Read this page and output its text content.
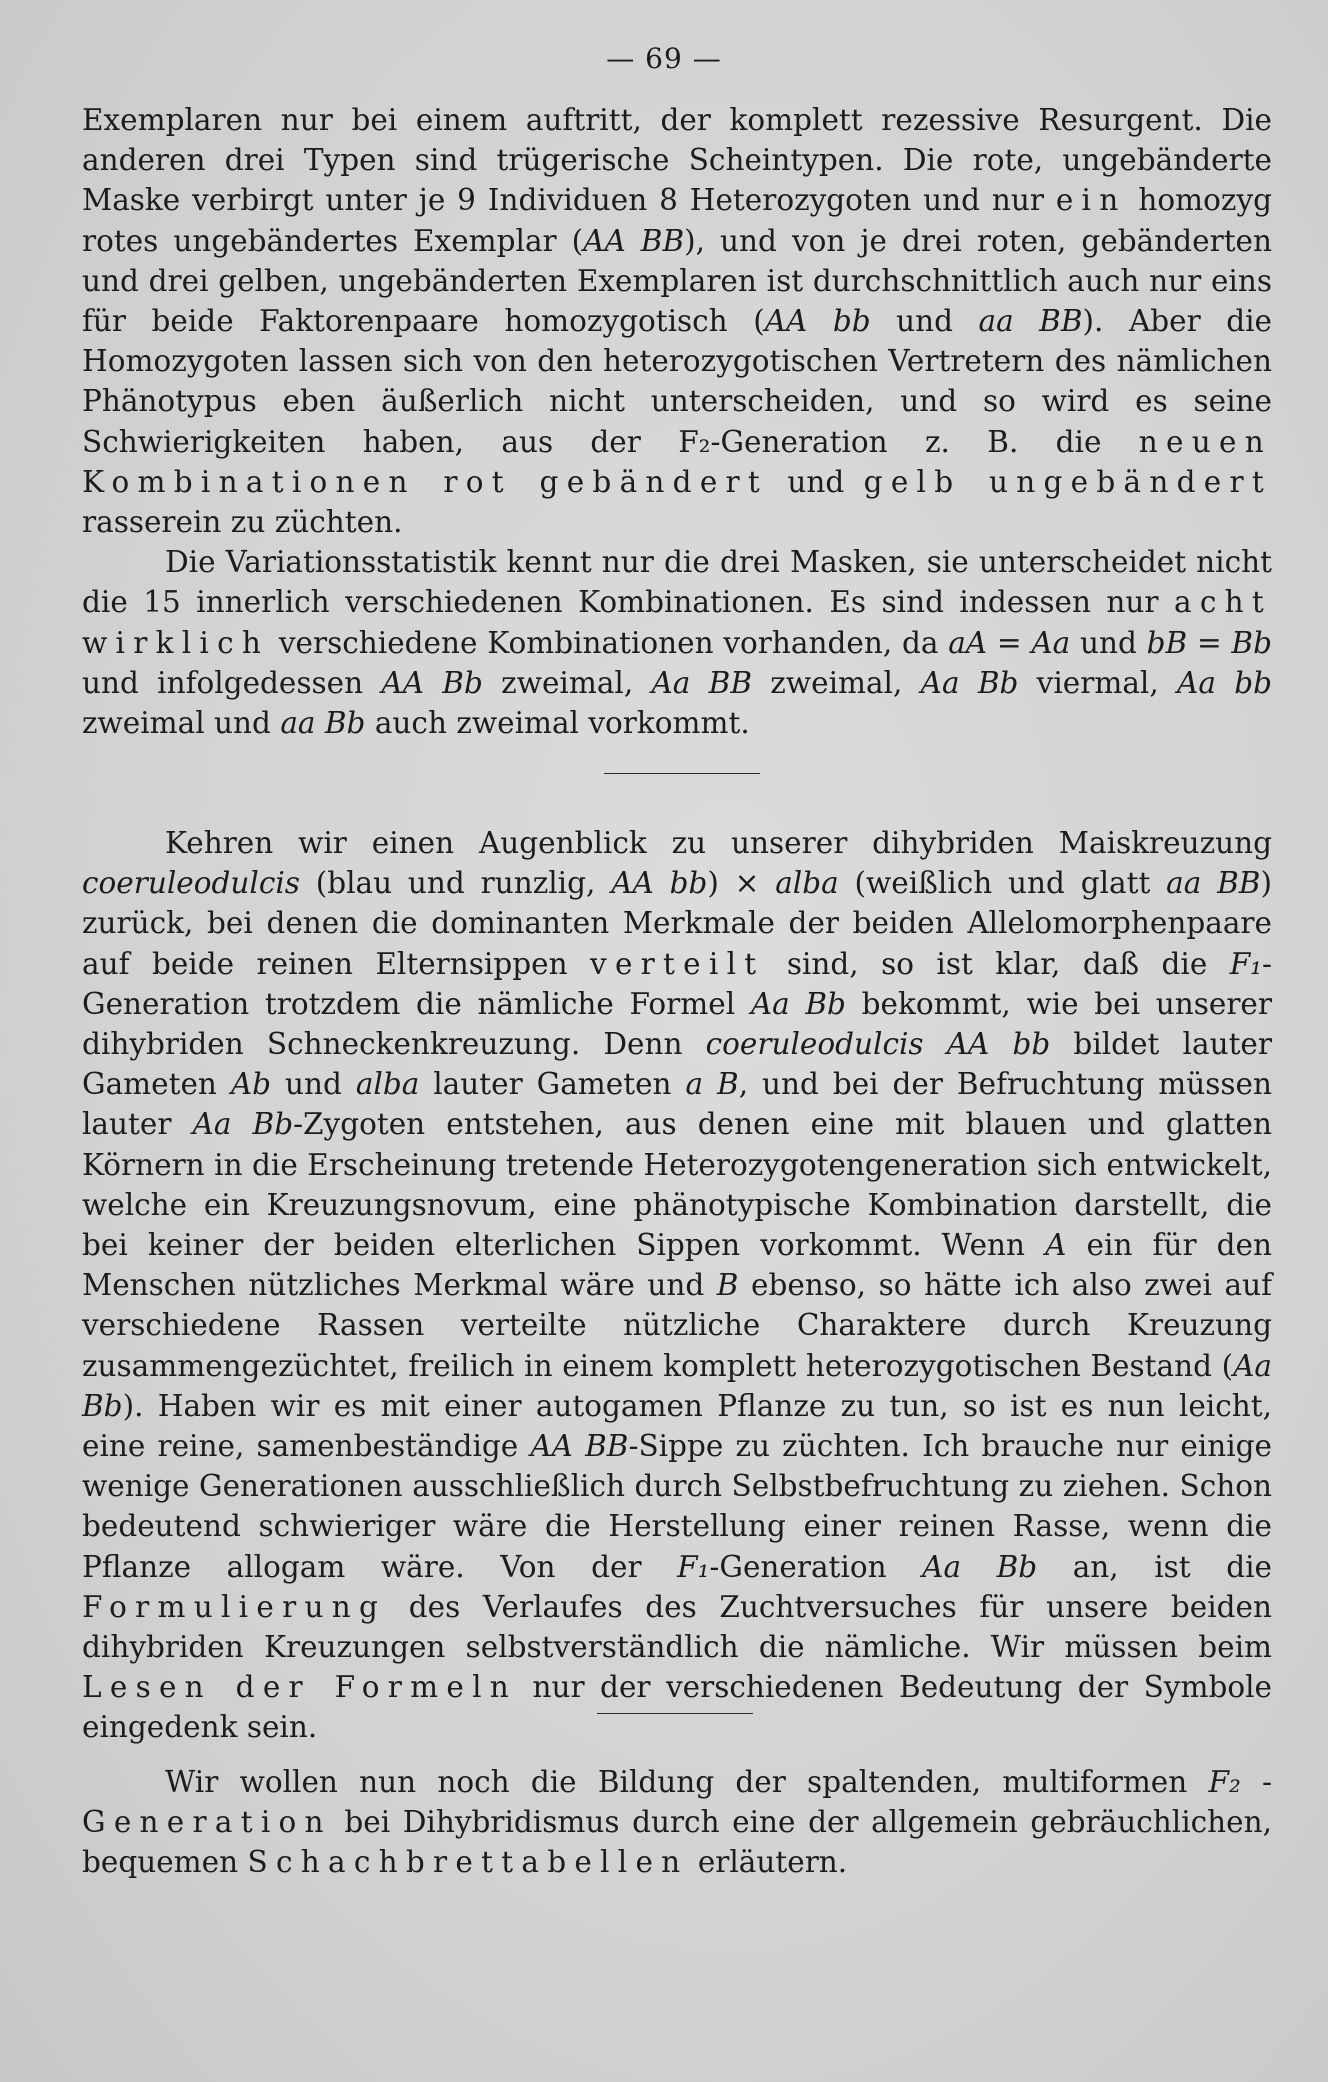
— 69 —

Exemplaren nur bei einem auftritt, der komplett rezessive Resurgent. Die anderen drei Typen sind trügerische Scheintypen. Die rote, ungebänderte Maske verbirgt unter je 9 Individuen 8 Heterozygoten und nur ein homozyg rotes ungebändertes Exemplar (AA BB), und von je drei roten, gebänderten und drei gelben, ungebänderten Exemplaren ist durchschnittlich auch nur eins für beide Faktorenpaare homozygotisch (AA bb und aa BB). Aber die Homozygoten lassen sich von den heterozygotischen Vertretern des nämlichen Phänotypus eben äußerlich nicht unterscheiden, und so wird es seine Schwierigkeiten haben, aus der F₂-Generation z. B. die neuen Kombinationen rot gebändert und gelb ungebändert rasserein zu züchten.

Die Variationsstatistik kennt nur die drei Masken, sie unterscheidet nicht die 15 innerlich verschiedenen Kombinationen. Es sind indessen nur acht wirklich verschiedene Kombinationen vorhanden, da aA = Aa und bB = Bb und infolgedessen AA Bb zweimal, Aa BB zweimal, Aa Bb viermal, Aa bb zweimal und aa Bb auch zweimal vorkommt.

Kehren wir einen Augenblick zu unserer dihybriden Maiskreuzung coeruleodulcis (blau und runzlig, AA bb) × alba (weißlich und glatt aa BB) zurück, bei denen die dominanten Merkmale der beiden Allelomorphenpaare auf beide reinen Elternsippen verteilt sind, so ist klar, daß die F₁-Generation trotzdem die nämliche Formel Aa Bb bekommt, wie bei unserer dihybriden Schneckenkreuzung. Denn coeruleodulcis AA bb bildet lauter Gameten Ab und alba lauter Gameten a B, und bei der Befruchtung müssen lauter Aa Bb-Zygoten entstehen, aus denen eine mit blauen und glatten Körnern in die Erscheinung tretende Heterozygotengeneration sich entwickelt, welche ein Kreuzungsnovum, eine phänotypische Kombination darstellt, die bei keiner der beiden elterlichen Sippen vorkommt. Wenn A ein für den Menschen nützliches Merkmal wäre und B ebenso, so hätte ich also zwei auf verschiedene Rassen verteilte nützliche Charaktere durch Kreuzung zusammengezüchtet, freilich in einem komplett heterozygotischen Bestand (Aa Bb). Haben wir es mit einer autogamen Pflanze zu tun, so ist es nun leicht, eine reine, samenbeständige AA BB-Sippe zu züchten. Ich brauche nur einige wenige Generationen ausschließlich durch Selbstbefruchtung zu ziehen. Schon bedeutend schwieriger wäre die Herstellung einer reinen Rasse, wenn die Pflanze allogam wäre. Von der F₁-Generation Aa Bb an, ist die Formulierung des Verlaufes des Zuchtversuches für unsere beiden dihybriden Kreuzungen selbstverständlich die nämliche. Wir müssen beim Lesen der Formeln nur der verschiedenen Bedeutung der Symbole eingedenk sein.

Wir wollen nun noch die Bildung der spaltenden, multiformen F₂ - Generation bei Dihybridismus durch eine der allgemein gebräuchlichen, bequemen Schachbrettabellen erläutern.
